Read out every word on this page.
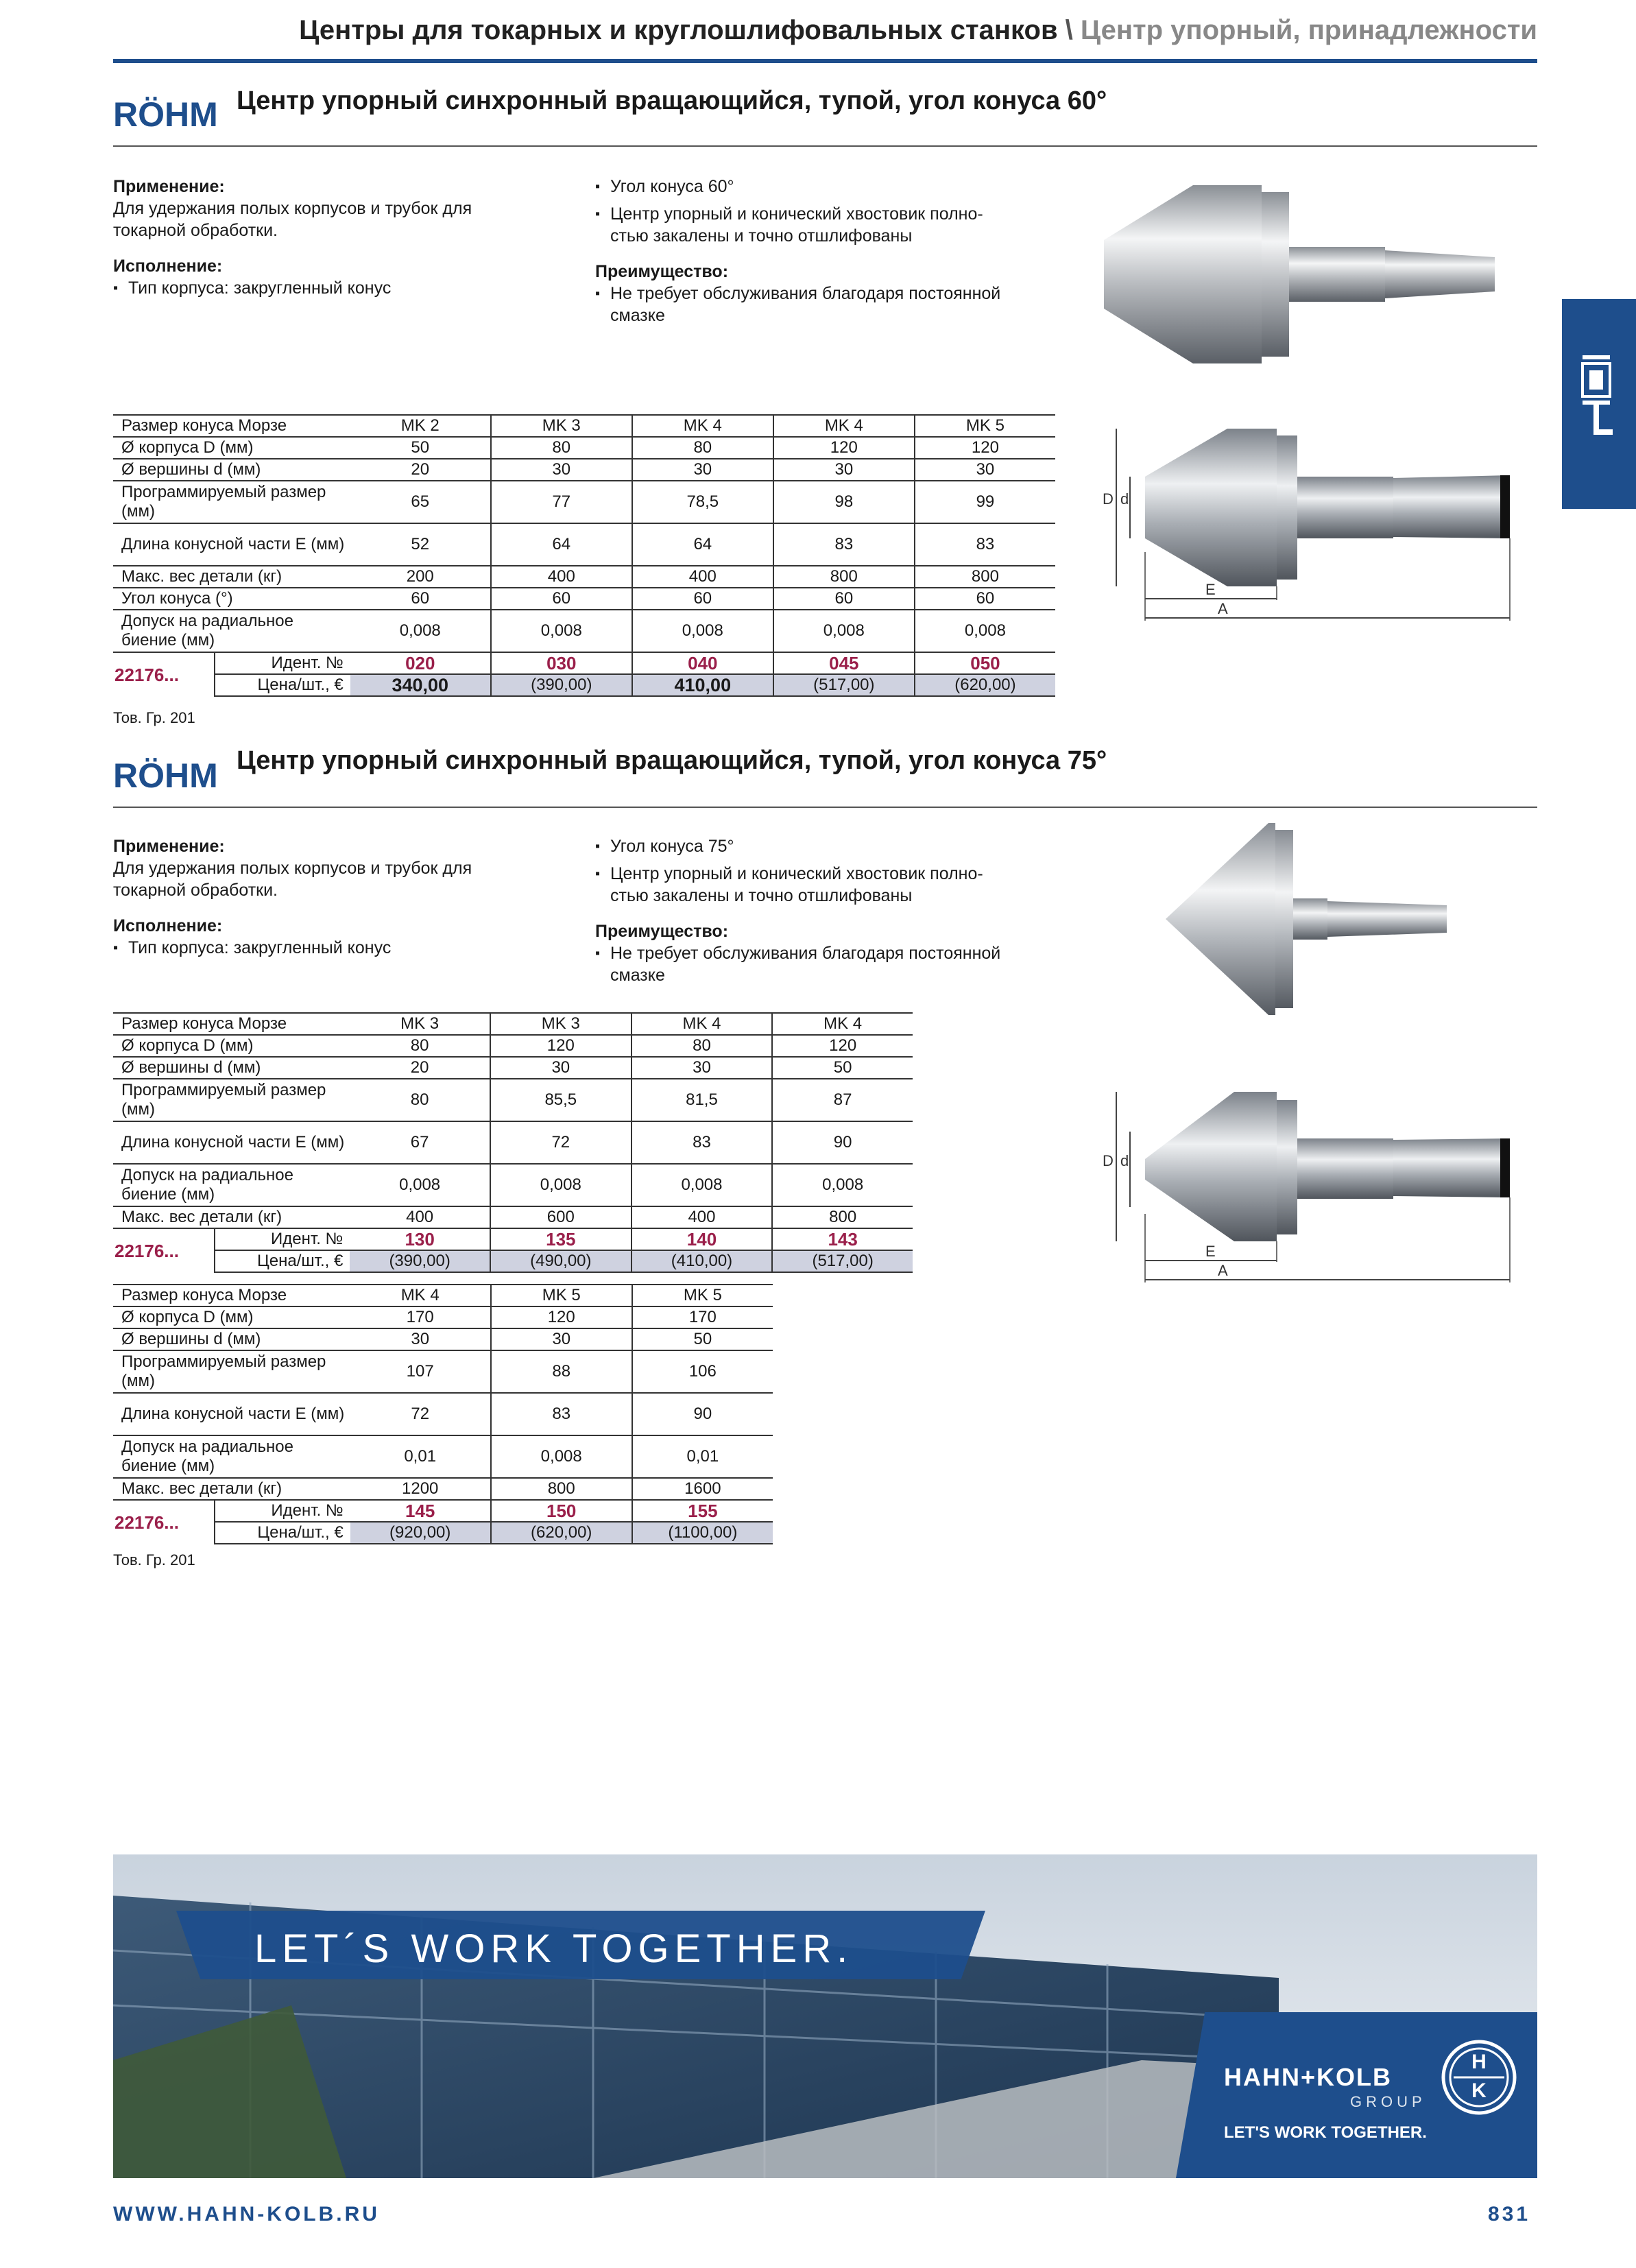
Центры для токарных и круглошлифовальных станков \ Центр упорный, принадлежности
RÖHM Центр упорный синхронный вращающийся, тупой, угол конуса 60°
Применение:
Для удержания полых корпусов и трубок для
токарной обработки.
Исполнение:
▪ Тип корпуса: закругленный конус
▪ Угол конуса 60°
▪ Центр упорный и конический хвостовик полно-
стью закалены и точно отшлифованы
Преимущество:
▪ Не требует обслуживания благодаря постоянной
смазке
D d
E
A
Размер конуса Морзе		MK 2	MK 3	MK 4	MK 4	MK 5
Ø корпуса D (мм)		50	80	80	120	120
Ø вершины d (мм)		20	30	30	30	30
Программируемый размер (мм)		65	77	78,5	98	99
Длина конусной части E (мм)		52	64	64	83	83
Макс. вес детали (кг)		200	400	400	800	800
Угол конуса (°)		60	60	60	60	60
Допуск на радиальное биение (мм)		0,008	0,008	0,008	0,008	0,008
22176...	Идент. №	020	030	040	045	050
	Цена/шт., €	340,00	(390,00)	410,00	(517,00)	(620,00)
Тов. Гр. 201
RÖHM Центр упорный синхронный вращающийся, тупой, угол конуса 75°
Применение:
Для удержания полых корпусов и трубок для
токарной обработки.
Исполнение:
▪ Тип корпуса: закругленный конус
▪ Угол конуса 75°
▪ Центр упорный и конический хвостовик полно-
стью закалены и точно отшлифованы
Преимущество:
▪ Не требует обслуживания благодаря постоянной
смазке
D d
E
A
Размер конуса Морзе		MK 3	MK 3	MK 4	MK 4
Ø корпуса D (мм)		80	120	80	120
Ø вершины d (мм)		20	30	30	50
Программируемый размер (мм)		80	85,5	81,5	87
Длина конусной части E (мм)		67	72	83	90
Допуск на радиальное биение (мм)		0,008	0,008	0,008	0,008
Макс. вес детали (кг)		400	600	400	800
22176...	Идент. №	130	135	140	143
	Цена/шт., €	(390,00)	(490,00)	(410,00)	(517,00)
Размер конуса Морзе		MK 4	MK 5	MK 5
Ø корпуса D (мм)		170	120	170
Ø вершины d (мм)		30	30	50
Программируемый размер (мм)		107	88	106
Длина конусной части E (мм)		72	83	90
Допуск на радиальное биение (мм)		0,01	0,008	0,01
Макс. вес детали (кг)		1200	800	1600
22176...	Идент. №	145	150	155
	Цена/шт., €	(920,00)	(620,00)	(1100,00)
Тов. Гр. 201
LET´S WORK TOGETHER.
HAHN+KOLB
GROUP
LET'S WORK TOGETHER.
H
K
WWW.HAHN-KOLB.RU	831
